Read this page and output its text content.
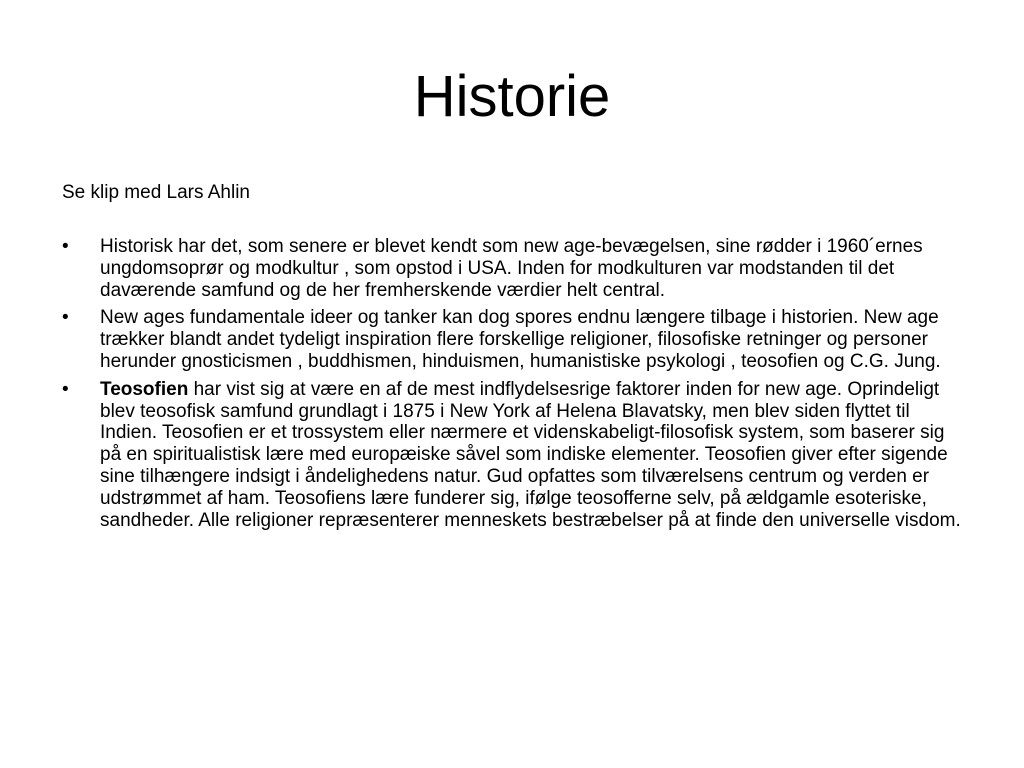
Historie

Se klip med Lars Ahlin

•	Historisk har det, som senere er blevet kendt som new age-bevægelsen, sine rødder i 1960´ernes ungdomsoprør og modkultur , som opstod i USA. Inden for modkulturen var modstanden til det daværende samfund og de her fremherskende værdier helt central.
•	New ages fundamentale ideer og tanker kan dog spores endnu længere tilbage i historien. New age trækker blandt andet tydeligt inspiration flere forskellige religioner, filosofiske retninger og personer herunder gnosticismen , buddhismen, hinduismen, humanistiske psykologi , teosofien og C.G. Jung.
•	Teosofien har vist sig at være en af de mest indflydelsesrige faktorer inden for new age. Oprindeligt blev teosofisk samfund grundlagt i 1875 i New York af Helena Blavatsky, men blev siden flyttet til Indien. Teosofien er et trossystem eller nærmere et videnskabeligt-filosofisk system, som baserer sig på en spiritualistisk lære med europæiske såvel som indiske elementer. Teosofien giver efter sigende sine tilhængere indsigt i åndelighedens natur. Gud opfattes som tilværelsens centrum og verden er udstrømmet af ham. Teosofiens lære funderer sig, ifølge teosofferne selv, på ældgamle esoteriske, sandheder. Alle religioner repræsenterer menneskets bestræbelser på at finde den universelle visdom.
